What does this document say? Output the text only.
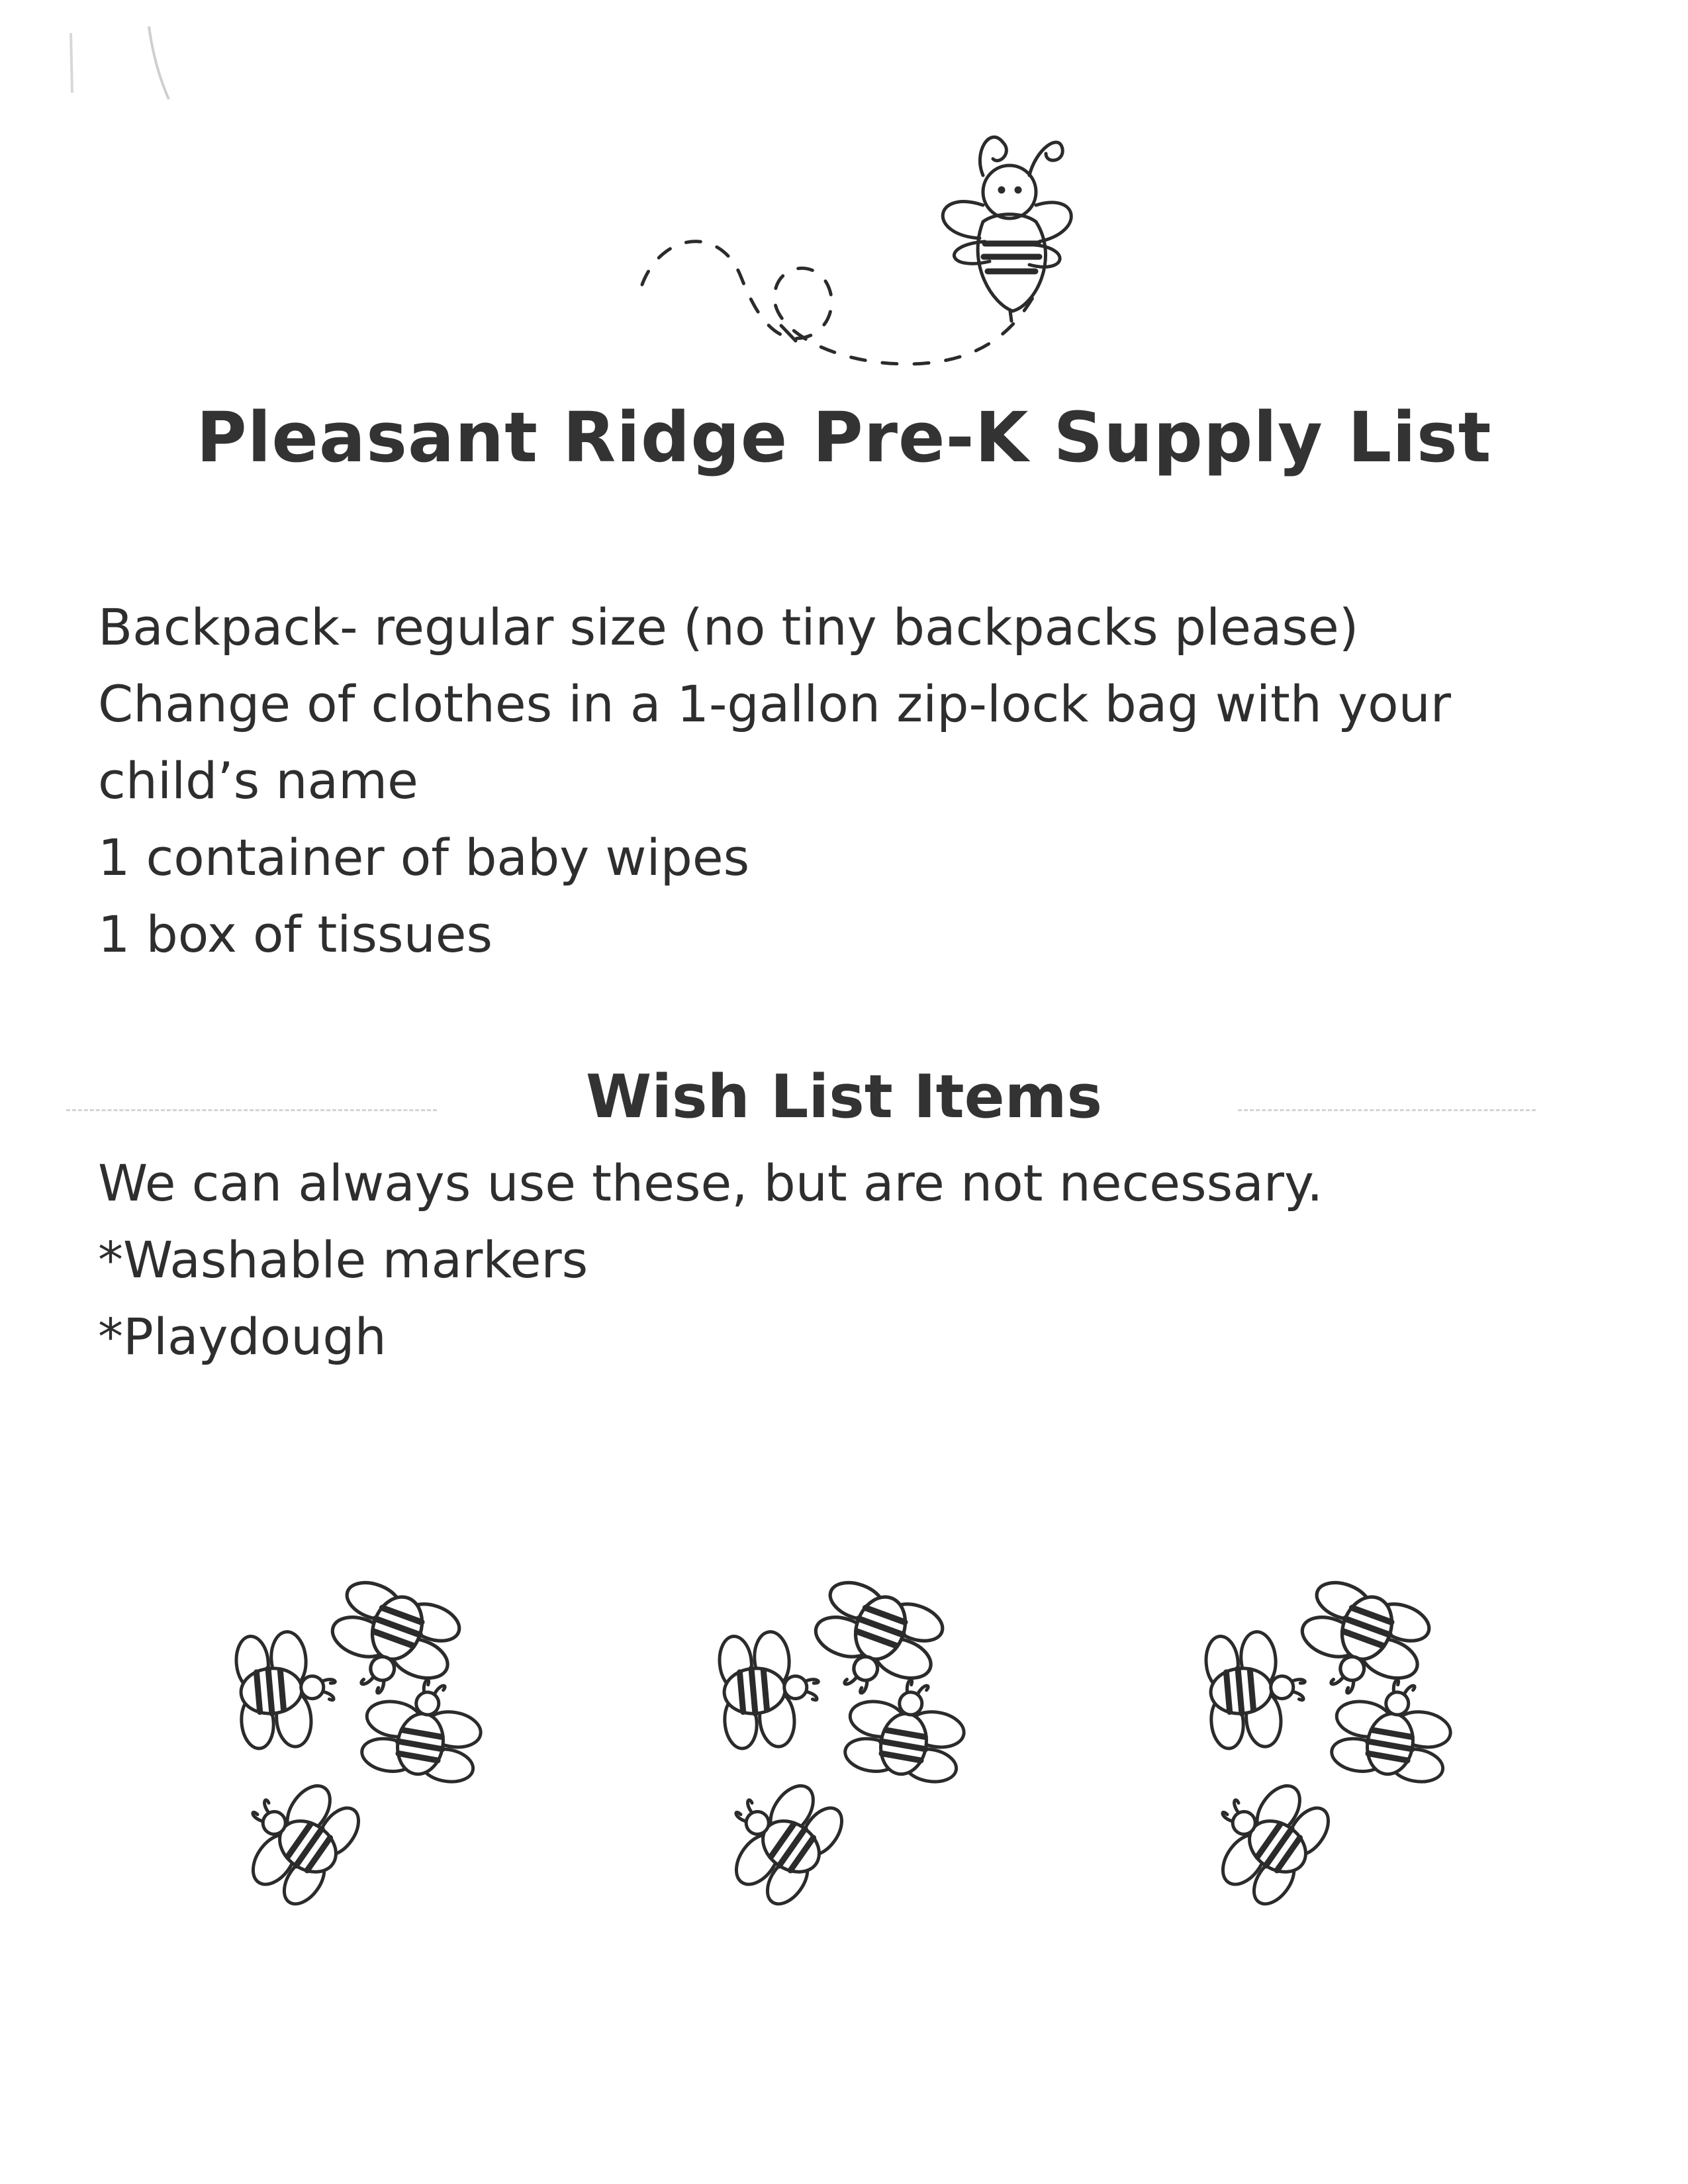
Pleasant Ridge Pre-K Supply List
Backpack- regular size (no tiny backpacks please)
Change of clothes in a 1-gallon zip-lock bag with your
child’s name
1 container of baby wipes
1 box of tissues
Wish List Items
We can always use these, but are not necessary.
*Washable markers
*Playdough
